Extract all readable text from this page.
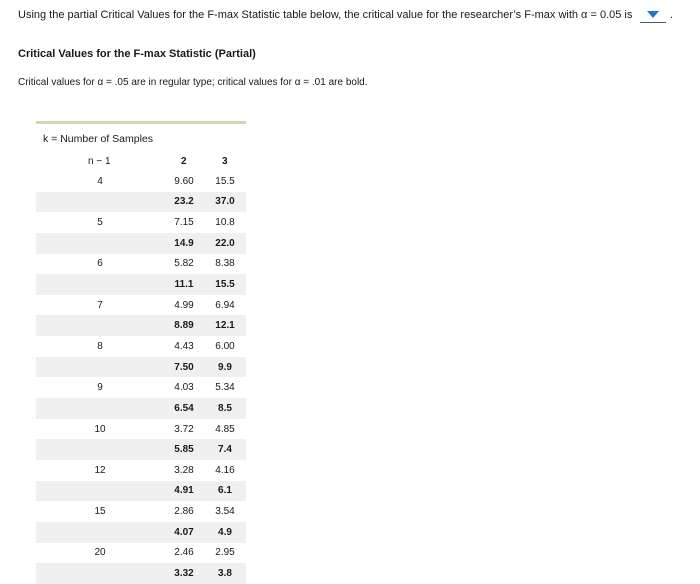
Using the partial Critical Values for the F-max Statistic table below, the critical value for the researcher’s F-max with α = 0.05 is	.
Critical Values for the F-max Statistic (Partial)
Critical values for α = .05 are in regular type; critical values for α = .01 are bold.
k = Number of Samples
n − 1	2	3
4	9.60	15.5
	23.2	37.0
5	7.15	10.8
	14.9	22.0
6	5.82	8.38
	11.1	15.5
7	4.99	6.94
	8.89	12.1
8	4.43	6.00
	7.50	9.9
9	4.03	5.34
	6.54	8.5
10	3.72	4.85
	5.85	7.4
12	3.28	4.16
	4.91	6.1
15	2.86	3.54
	4.07	4.9
20	2.46	2.95
	3.32	3.8
